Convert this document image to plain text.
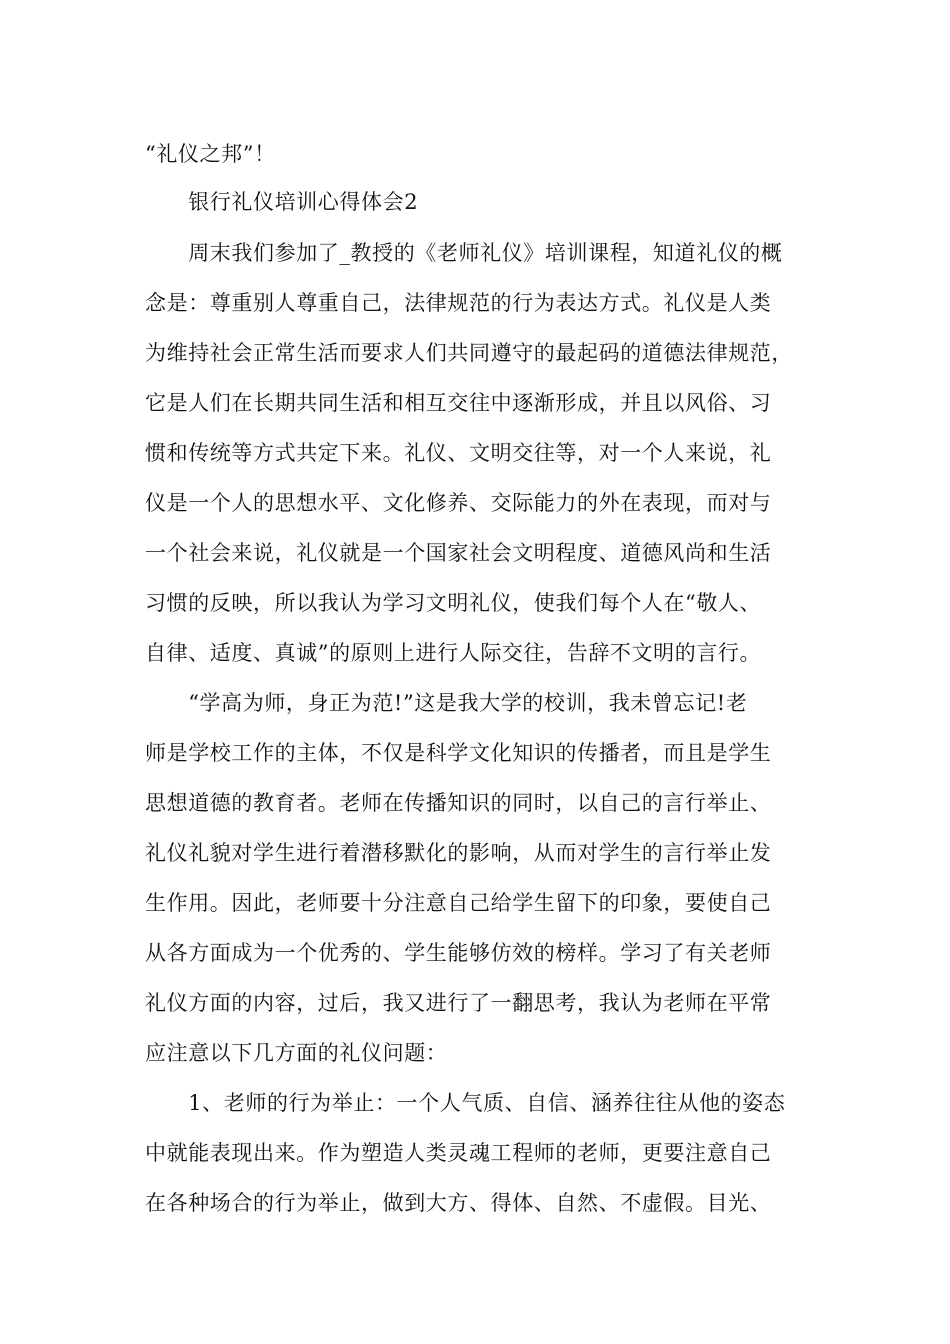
“礼仪之邦”！
　　银行礼仪培训心得体会2
　　周末我们参加了_教授的《老师礼仪》培训课程，知道礼仪的概
念是：尊重别人尊重自己，法律规范的行为表达方式。礼仪是人类
为维持社会正常生活而要求人们共同遵守的最起码的道德法律规范，
它是人们在长期共同生活和相互交往中逐渐形成，并且以风俗、习
惯和传统等方式共定下来。礼仪、文明交往等，对一个人来说，礼
仪是一个人的思想水平、文化修养、交际能力的外在表现，而对与
一个社会来说，礼仪就是一个国家社会文明程度、道德风尚和生活
习惯的反映，所以我认为学习文明礼仪，使我们每个人在“敬人、
自律、适度、真诚”的原则上进行人际交往，告辞不文明的言行。
　　“学高为师，身正为范!”这是我大学的校训，我未曾忘记!老
师是学校工作的主体，不仅是科学文化知识的传播者，而且是学生
思想道德的教育者。老师在传播知识的同时，以自己的言行举止、
礼仪礼貌对学生进行着潜移默化的影响，从而对学生的言行举止发
生作用。因此，老师要十分注意自己给学生留下的印象，要使自己
从各方面成为一个优秀的、学生能够仿效的榜样。学习了有关老师
礼仪方面的内容，过后，我又进行了一翻思考，我认为老师在平常
应注意以下几方面的礼仪问题：
　　1、老师的行为举止：一个人气质、自信、涵养往往从他的姿态
中就能表现出来。作为塑造人类灵魂工程师的老师，更要注意自己
在各种场合的行为举止，做到大方、得体、自然、不虚假。目光、
